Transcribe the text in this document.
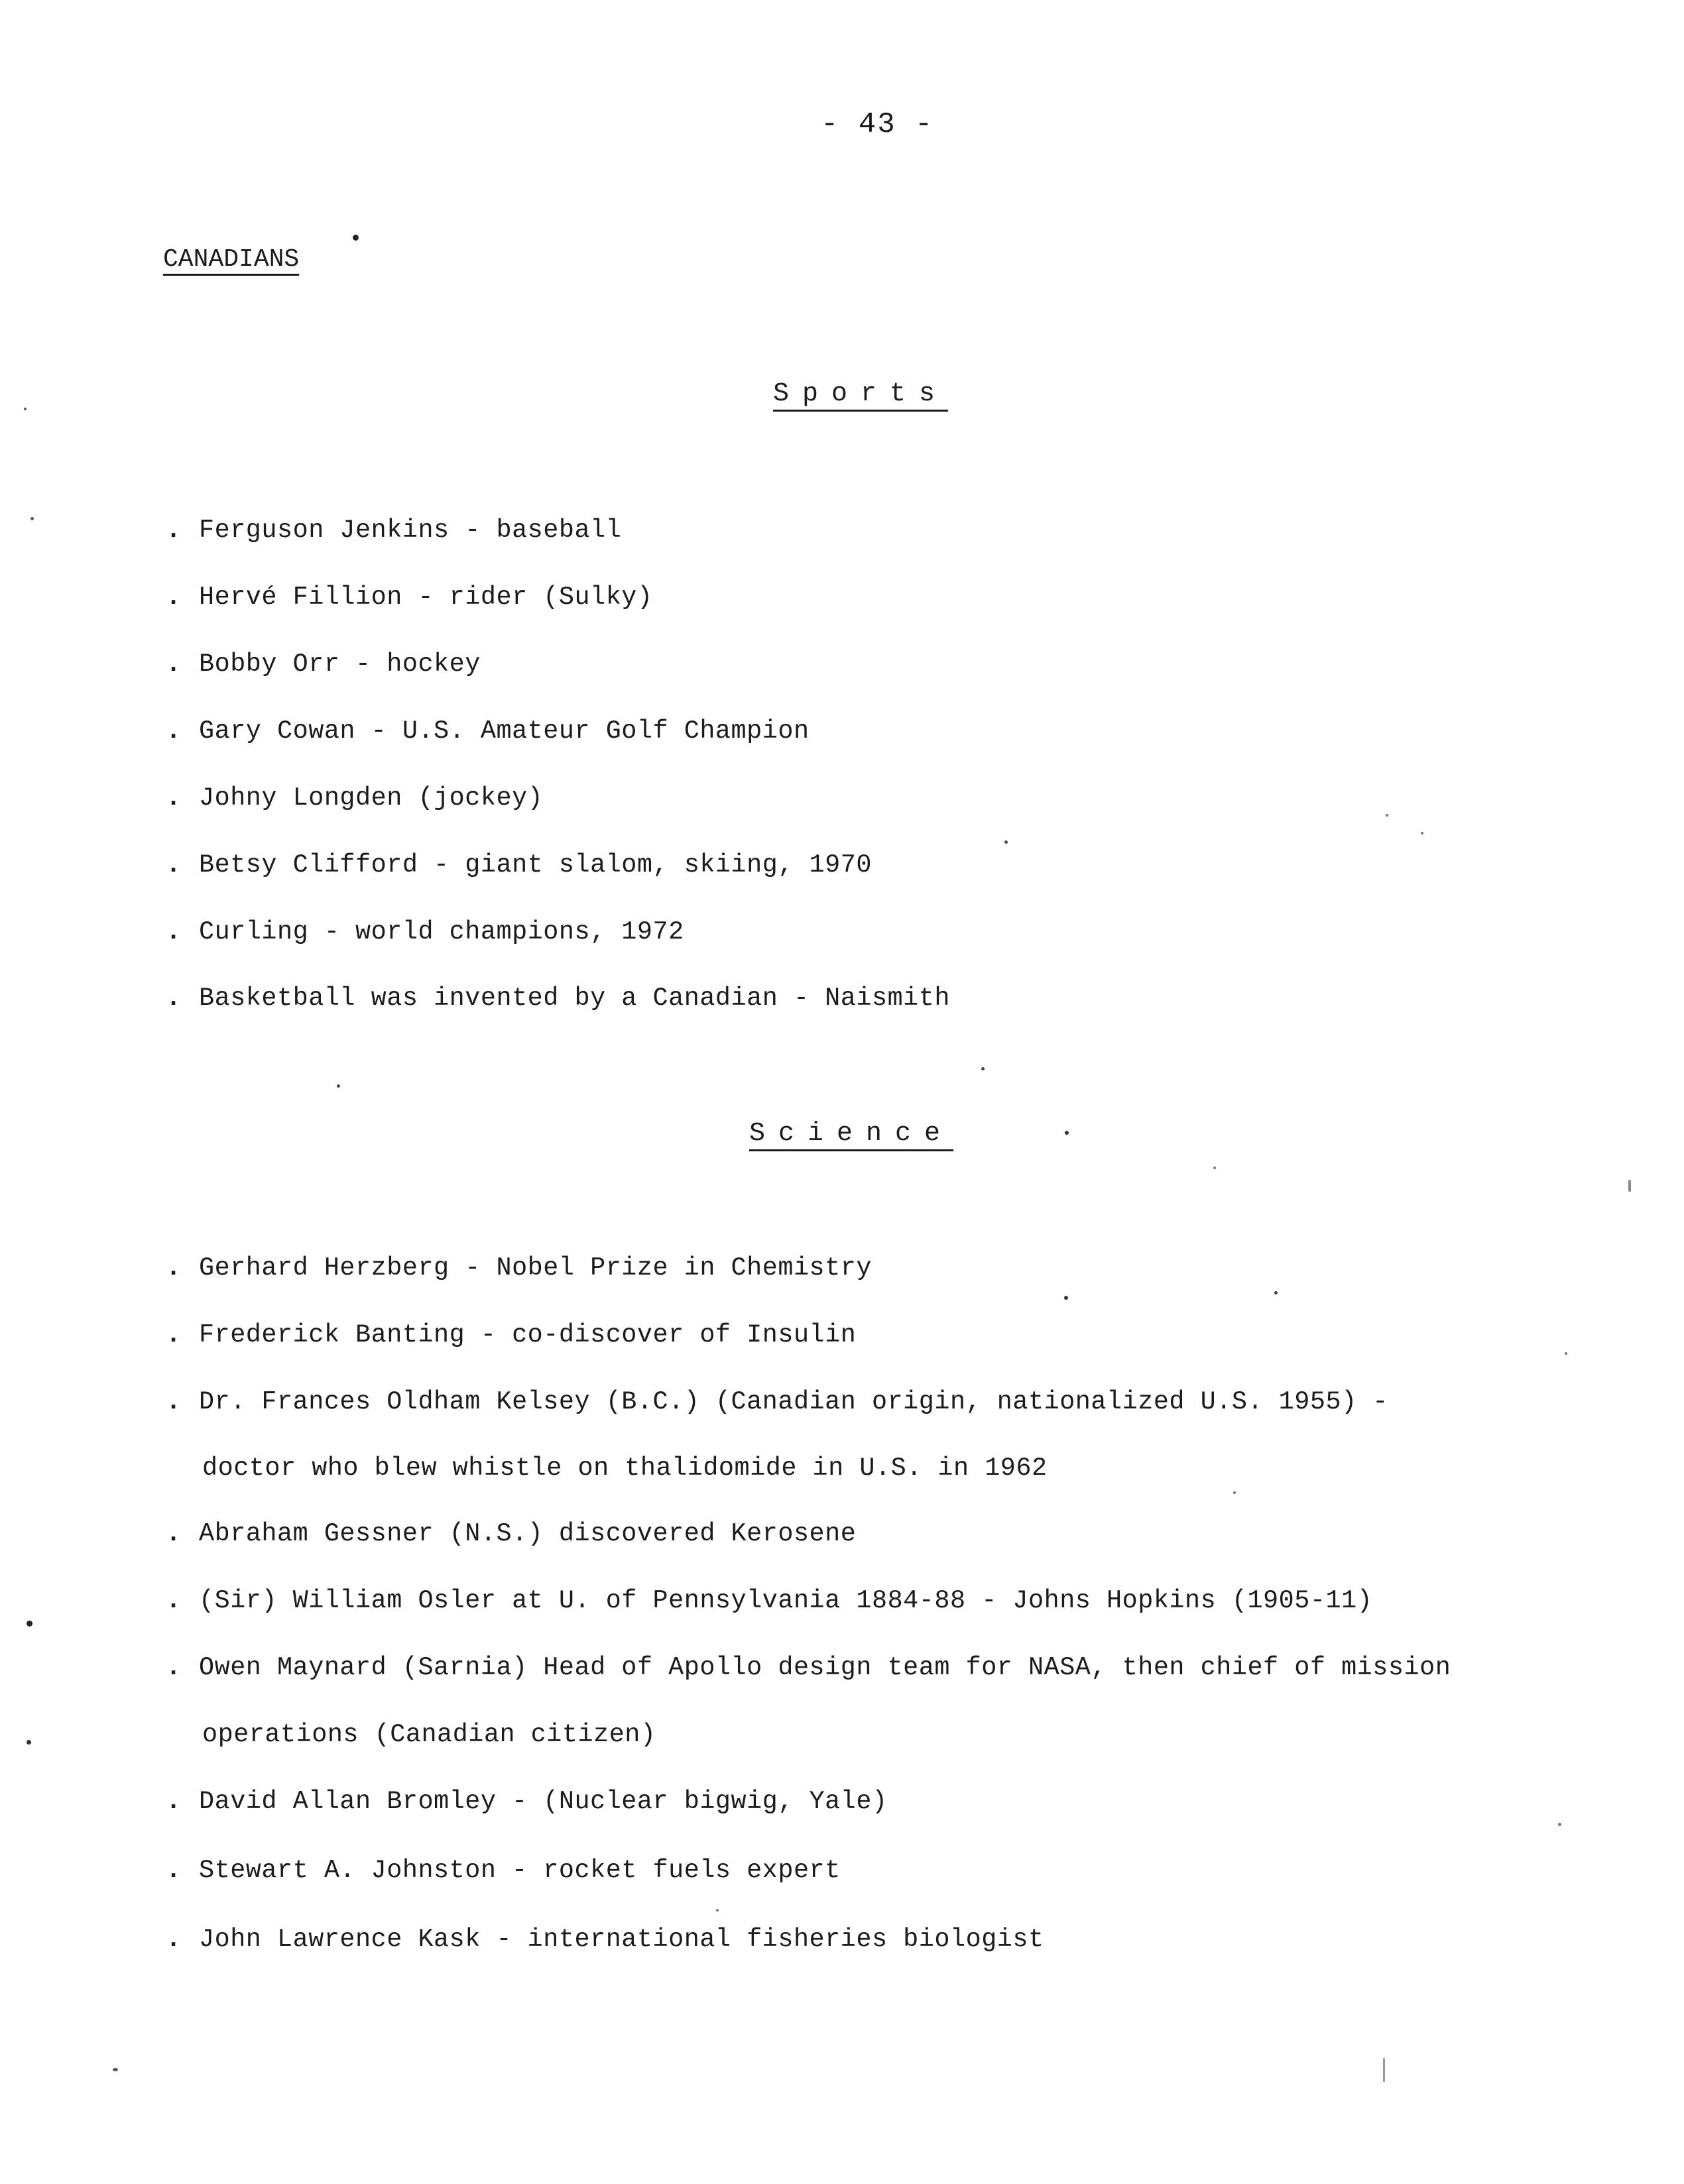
- 43 -
CANADIANS
Sports
. Ferguson Jenkins - baseball
. Hervé Fillion - rider (Sulky)
. Bobby Orr - hockey
. Gary Cowan - U.S. Amateur Golf Champion
. Johny Longden (jockey)
. Betsy Clifford - giant slalom, skiing, 1970
. Curling - world champions, 1972
. Basketball was invented by a Canadian - Naismith
Science
. Gerhard Herzberg - Nobel Prize in Chemistry
. Frederick Banting - co-discover of Insulin
. Dr. Frances Oldham Kelsey (B.C.) (Canadian origin, nationalized U.S. 1955) -
doctor who blew whistle on thalidomide in U.S. in 1962
. Abraham Gessner (N.S.) discovered Kerosene
. (Sir) William Osler at U. of Pennsylvania 1884-88 - Johns Hopkins (1905-11)
. Owen Maynard (Sarnia) Head of Apollo design team for NASA, then chief of mission
operations (Canadian citizen)
. David Allan Bromley - (Nuclear bigwig, Yale)
. Stewart A. Johnston - rocket fuels expert
. John Lawrence Kask - international fisheries biologist
